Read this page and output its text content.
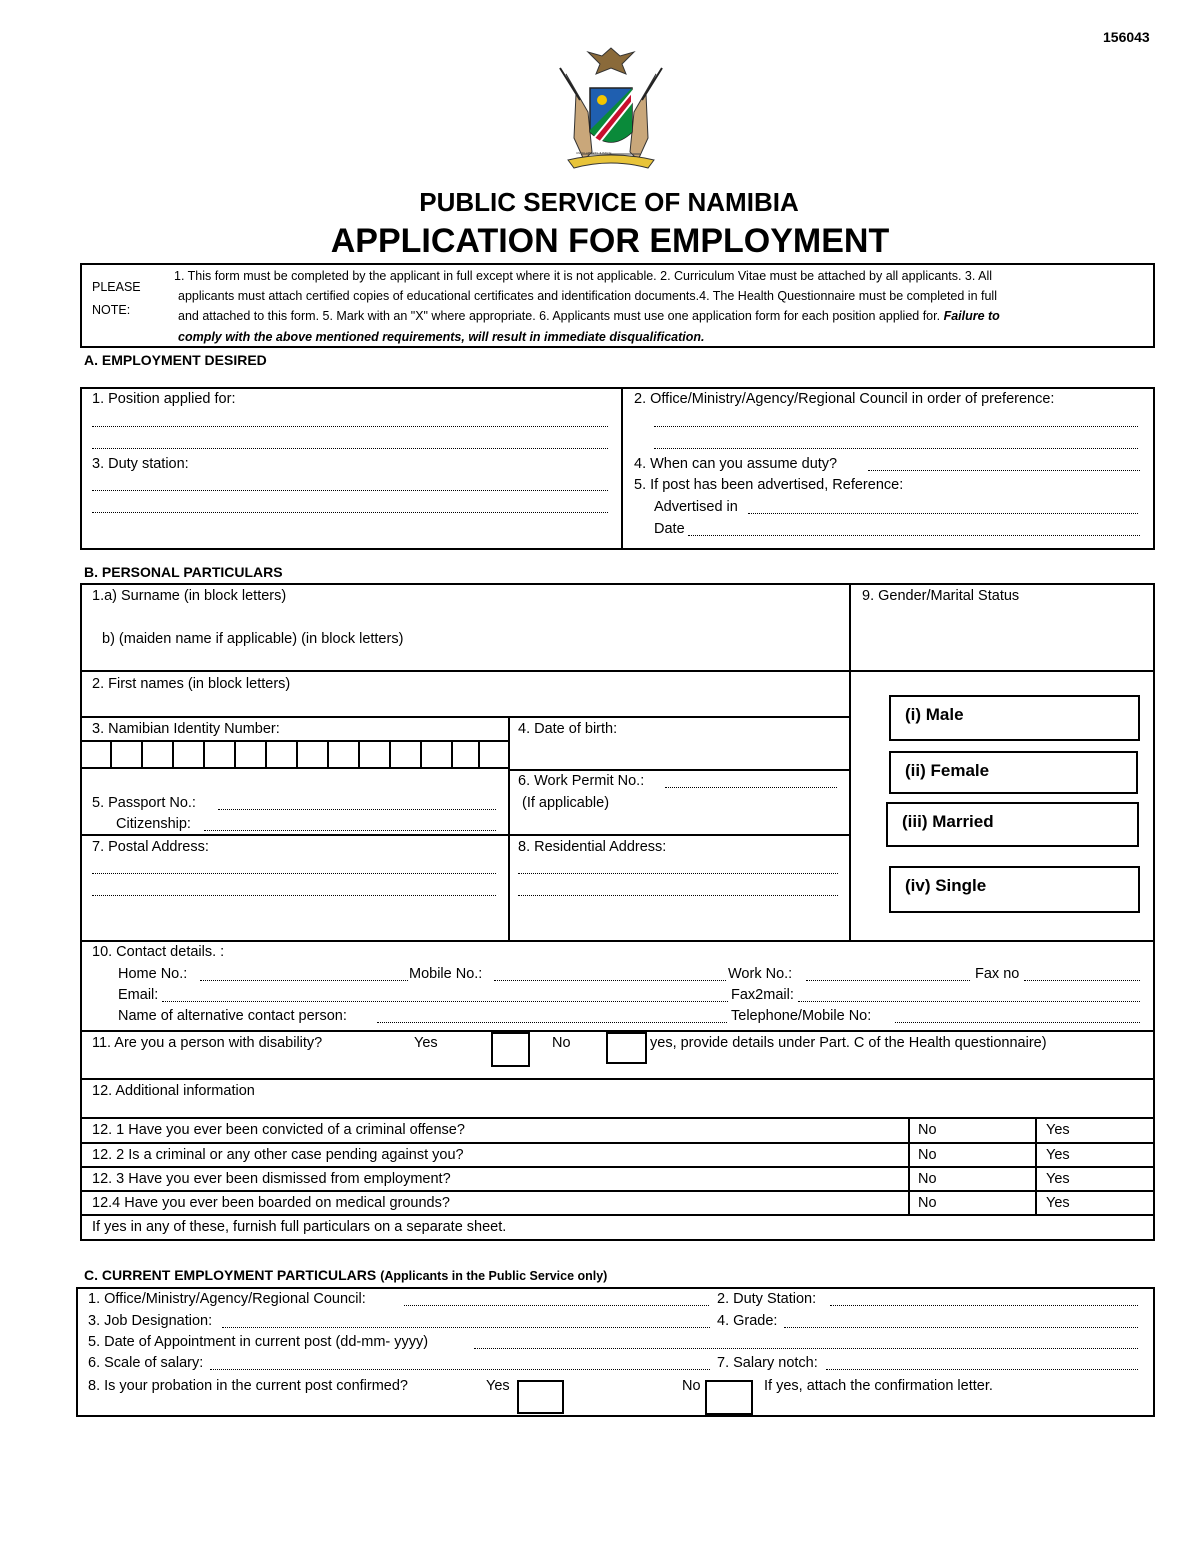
156043
UNITY LIBERTY JUSTICE
PUBLIC SERVICE OF NAMIBIA
APPLICATION FOR EMPLOYMENT
PLEASE
NOTE:
1. This form must be completed by the applicant in full except where it is not applicable. 2. Curriculum Vitae must be attached by all applicants. 3. All
applicants must attach certified copies of educational certificates and identification documents.4. The Health Questionnaire must be completed in full
and attached to this form. 5. Mark with an "X" where appropriate. 6. Applicants must use one application form for each position applied for. Failure to
comply with the above mentioned requirements, will result in immediate disqualification.
A. EMPLOYMENT DESIRED
1. Position applied for:
3. Duty station:
2. Office/Ministry/Agency/Regional Council in order of preference:
4. When can you assume duty?
5. If post has been advertised, Reference:
Advertised in
Date
B. PERSONAL PARTICULARS
1.a) Surname (in block letters)
b) (maiden name if applicable) (in block letters)
9. Gender/Marital Status
2. First names (in block letters)
3. Namibian Identity Number:	4. Date of birth:
6. Work Permit No.:
(If applicable)
5. Passport No.:
Citizenship:
7. Postal Address:	8. Residential Address:
(i) Male
(ii) Female
(iii) Married
(iv) Single
10. Contact details. :
Home No.:	Mobile No.:	Work No.:	Fax no
Email:	Fax2mail:
Name of alternative contact person:	Telephone/Mobile No:
11. Are you a person with disability?	Yes	No	yes, provide details under Part. C of the Health questionnaire)
12. Additional information
12. 1 Have you ever been convicted of a criminal offense?	No	Yes
12. 2 Is a criminal or any other case pending against you?	No	Yes
12. 3 Have you ever been dismissed from employment?	No	Yes
12.4 Have you ever been boarded on medical grounds?	No	Yes
If yes in any of these, furnish full particulars on a separate sheet.
C. CURRENT EMPLOYMENT PARTICULARS (Applicants in the Public Service only)
1. Office/Ministry/Agency/Regional Council:	2. Duty Station:
3. Job Designation:	4. Grade:
5. Date of Appointment in current post (dd-mm- yyyy)
6. Scale of salary:	7. Salary notch:
8. Is your probation in the current post confirmed?	Yes	No	If yes, attach the confirmation letter.
